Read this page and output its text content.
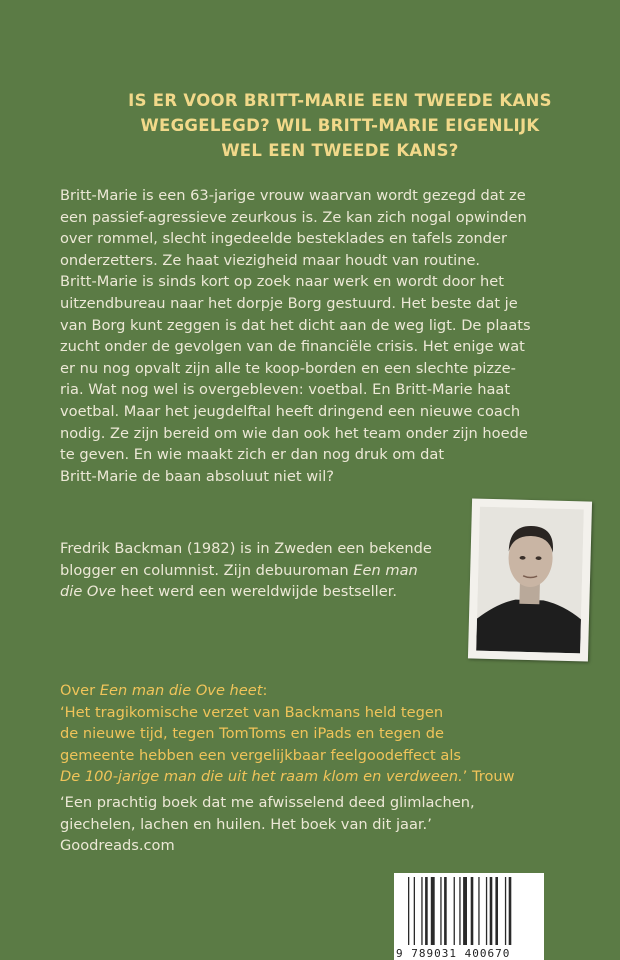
IS ER VOOR BRITT-MARIE EEN TWEEDE KANS
WEGGELEGD? WIL BRITT-MARIE EIGENLIJK
WEL EEN TWEEDE KANS?
Britt-Marie is een 63-jarige vrouw waarvan wordt gezegd dat ze
een passief-agressieve zeurkous is. Ze kan zich nogal opwinden
over rommel, slecht ingedeelde besteklades en tafels zonder
onderzetters. Ze haat viezigheid maar houdt van routine.
Britt-Marie is sinds kort op zoek naar werk en wordt door het
uitzendbureau naar het dorpje Borg gestuurd. Het beste dat je
van Borg kunt zeggen is dat het dicht aan de weg ligt. De plaats
zucht onder de gevolgen van de financiële crisis. Het enige wat
er nu nog opvalt zijn alle te koop-borden en een slechte pizze-
ria. Wat nog wel is overgebleven: voetbal. En Britt-Marie haat
voetbal. Maar het jeugdelftal heeft dringend een nieuwe coach
nodig. Ze zijn bereid om wie dan ook het team onder zijn hoede
te geven. En wie maakt zich er dan nog druk om dat
Britt-Marie de baan absoluut niet wil?
Fredrik Backman (1982) is in Zweden een bekende
blogger en columnist. Zijn debuuroman Een man
die Ove heet werd een wereldwijde bestseller.
Over Een man die Ove heet:
‘Het tragikomische verzet van Backmans held tegen
de nieuwe tijd, tegen TomToms en iPads en tegen de
gemeente hebben een vergelijkbaar feelgoodeffect als
De 100-jarige man die uit het raam klom en verdween.’ Trouw
‘Een prachtig boek dat me afwisselend deed glimlachen,
giechelen, lachen en huilen. Het boek van dit jaar.’
Goodreads.com
9 789031 400670
